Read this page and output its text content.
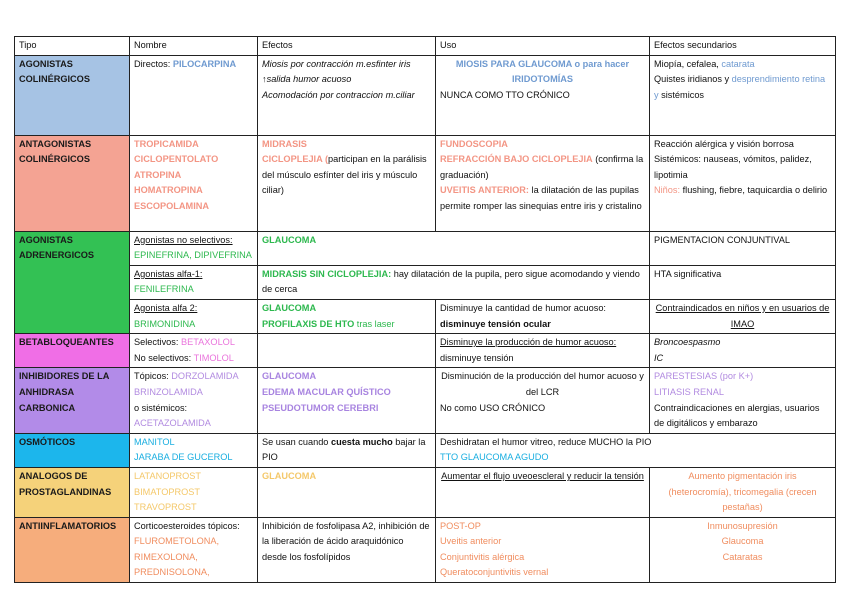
Tipo	Nombre	Efectos	Uso	Efectos secundarios
AGONISTAS COLINÉRGICOS	Directos: PILOCARPINA	Miosis por contracción m.esfinter iris
↑salida humor acuoso
Acomodación por contraccion m.ciliar	MIOSIS PARA GLAUCOMA o para hacer IRIDOTOMÍAS
NUNCA COMO TTO CRÓNICO	Miopía, cefalea, catarata
Quistes iridianos y desprendimiento retina y sistémicos
ANTAGONISTAS COLINÉRGICOS	TROPICAMIDA
CICLOPENTOLATO
ATROPINA
HOMATROPINA
ESCOPOLAMINA	MIDRASIS
CICLOPLEJIA (participan en la parálisis del músculo esfínter del iris y músculo ciliar)	FUNDOSCOPIA
REFRACCIÓN BAJO CICLOPLEJIA (confirma la graduación)
UVEITIS ANTERIOR: la dilatación de las pupilas permite romper las sinequias entre iris y cristalino	Reacción alérgica y visión borrosa
Sistémicos: nauseas, vómitos, palidez, lipotimia
Niños: flushing, fiebre, taquicardia o delirio
AGONISTAS ADRENERGICOS	Agonistas no selectivos:
EPINEFRINA, DIPIVEFRINA	GLAUCOMA		PIGMENTACION CONJUNTIVAL

	Agonistas alfa-1:
FENILEFRINA	MIDRASIS SIN CICLOPLEJIA: hay dilatación de la pupila, pero sigue acomodando y viendo de cerca		HTA significativa

	Agonista alfa 2:
BRIMONIDINA	GLAUCOMA
PROFILAXIS DE HTO tras laser	Disminuye la cantidad de humor acuoso:
disminuye tensión ocular	Contraindicados en niños y en usuarios de IMAO
BETABLOQUEANTES	Selectivos: BETAXOLOL
No selectivos: TIMOLOL		Disminuye la producción de humor acuoso:
disminuye tensión	Broncoespasmo
IC

INHIBIDORES DE LA ANHIDRASA CARBONICA	Tópicos: DORZOLAMIDA
BRINZOLAMIDA
o sistémicos:
ACETAZOLAMIDA	GLAUCOMA
EDEMA MACULAR QUÍSTICO
PSEUDOTUMOR CEREBRI	Disminución de la producción del humor acuoso y del LCR
No como USO CRÓNICO	PARESTESIAS (por K+)
LITIASIS RENAL
Contraindicaciones en alergias, usuarios de digitálicos y embarazo

OSMÓTICOS	MANITOL
JARABA DE GUCEROL	Se usan cuando cuesta mucho bajar la PIO	Deshidratan el humor vitreo, reduce MUCHO la PIO
TTO GLAUCOMA AGUDO	

ANALOGOS DE PROSTAGLANDINAS	LATANOPROST
BIMATOPROST
TRAVOPROST	GLAUCOMA	Aumentar el flujo uveoescleral y reducir la tensión	Aumento pigmentación iris
(heterocromía), tricomegalia (crecen pestañas)

ANTIINFLAMATORIOS	Corticoesteroides tópicos:
FLUROMETOLONA,
RIMEXOLONA,
PREDNISOLONA,	Inhibición de fosfolipasa A2, inhibición de la liberación de ácido araquidónico desde los fosfolípidos	POST-OP
Uveitis anterior
Conjuntivitis alérgica
Queratoconjuntivitis vernal	Inmunosupresión
Glaucoma
Cataratas
